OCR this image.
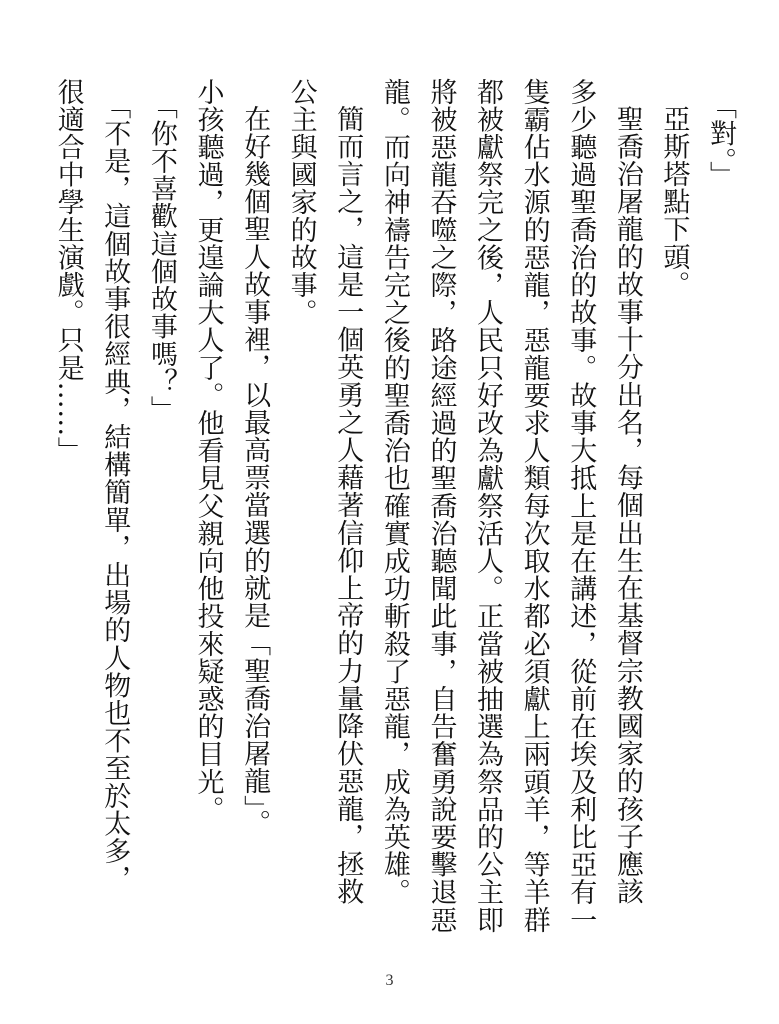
「對。」
亞斯塔點下頭。
聖喬治屠龍的故事十分出名，每個出生在基督宗教國家的孩子應該
多少聽過聖喬治的故事。故事大抵上是在講述，從前在埃及利比亞有一
隻霸佔水源的惡龍，惡龍要求人類每次取水都必須獻上兩頭羊，等羊群
都被獻祭完之後，人民只好改為獻祭活人。正當被抽選為祭品的公主即
將被惡龍吞噬之際，路途經過的聖喬治聽聞此事，自告奮勇說要擊退惡
龍。而向神禱告完之後的聖喬治也確實成功斬殺了惡龍，成為英雄。
簡而言之，這是一個英勇之人藉著信仰上帝的力量降伏惡龍，拯救
公主與國家的故事。
在好幾個聖人故事裡，以最高票當選的就是「聖喬治屠龍」。
小孩聽過，更遑論大人了。他看見父親向他投來疑惑的目光。
「你不喜歡這個故事嗎？」
「不是，這個故事很經典，結構簡單，出場的人物也不至於太多，
很適合中學生演戲。只是……」
3
